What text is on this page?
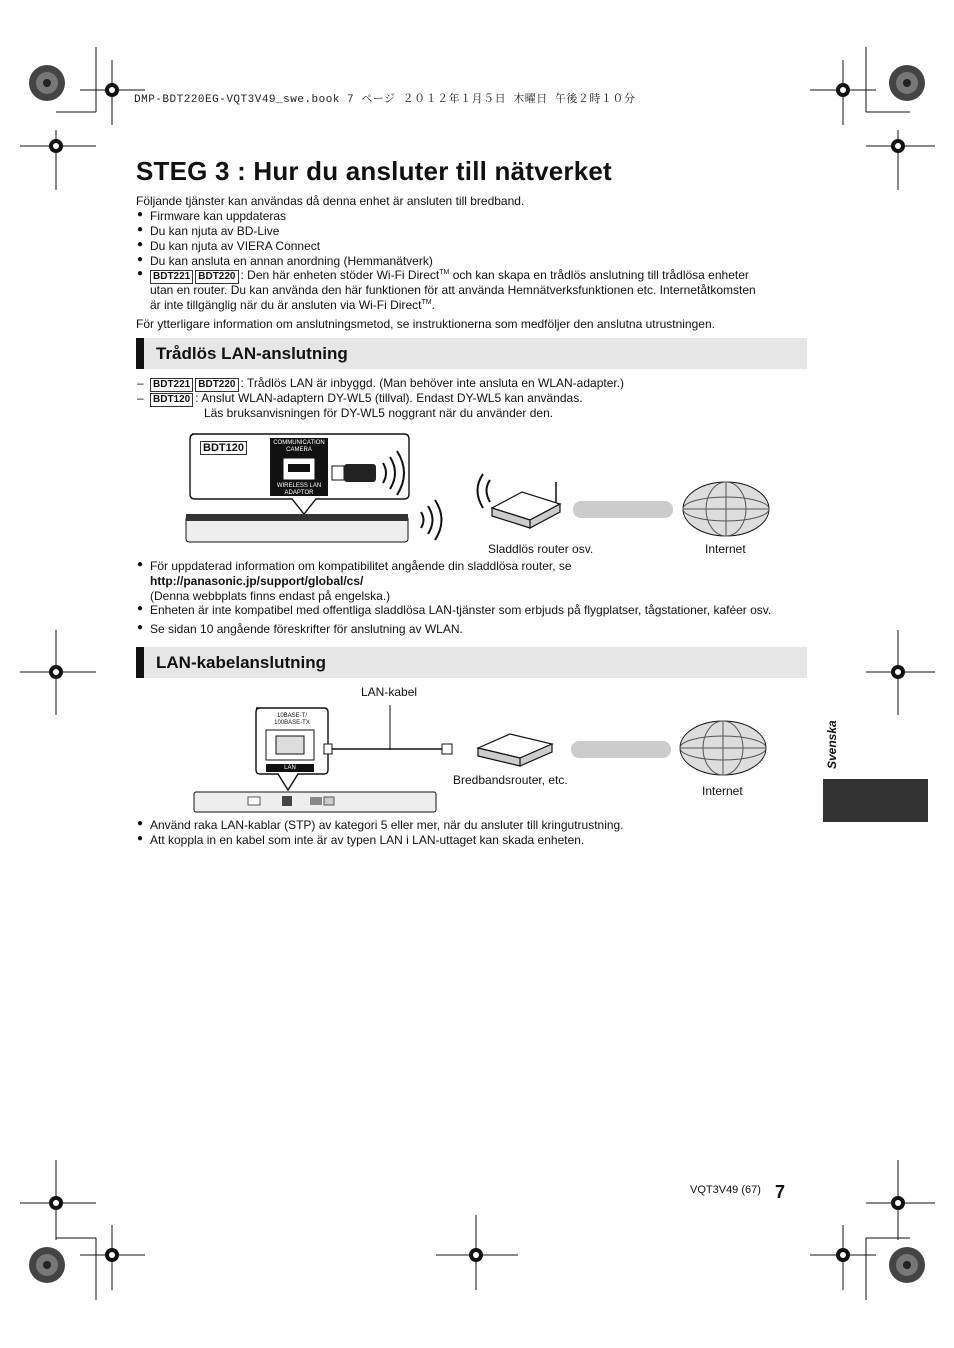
DMP-BDT220EG-VQT3V49_swe.book 7 ページ ２０１２年１月５日 木曜日 午後２時１０分
STEG 3 : Hur du ansluter till nätverket
Följande tjänster kan användas då denna enhet är ansluten till bredband.
● Firmware kan uppdateras
● Du kan njuta av BD-Live
● Du kan njuta av VIERA Connect
● Du kan ansluta en annan anordning (Hemmanätverk)
● BDT221 BDT220 : Den här enheten stöder Wi-Fi Direct™ och kan skapa en trådlös anslutning till trådlösa enheter
utan en router. Du kan använda den här funktionen för att använda Hemnätverksfunktionen etc. Internetåtkomsten
är inte tillgänglig när du är ansluten via Wi-Fi Direct™.
För ytterligare information om anslutningsmetod, se instruktionerna som medföljer den anslutna utrustningen.
Trådlös LAN-anslutning
– BDT221 BDT220 : Trådlös LAN är inbyggd. (Man behöver inte ansluta en WLAN-adapter.)
– BDT120 : Anslut WLAN-adaptern DY-WL5 (tillval). Endast DY-WL5 kan användas.
Läs bruksanvisningen för DY-WL5 noggrant när du använder den.
BDT120	COMMUNICATION
CAMERA
WIRELESS LAN
ADAPTOR
Sladdlös router osv.	Internet
● För uppdaterad information om kompatibilitet angående din sladdlösa router, se
http://panasonic.jp/support/global/cs/
(Denna webbplats finns endast på engelska.)
● Enheten är inte kompatibel med offentliga sladdlösa LAN-tjänster som erbjuds på flygplatser, tågstationer, kaféer osv.
● Se sidan 10 angående föreskrifter för anslutning av WLAN.
LAN-kabelanslutning
LAN-kabel
10BASE-T/
100BASE-TX
LAN
Bredbandsrouter, etc.
Internet
● Använd raka LAN-kablar (STP) av kategori 5 eller mer, när du ansluter till kringutrustning.
● Att koppla in en kabel som inte är av typen LAN i LAN-uttaget kan skada enheten.
Svenska
VQT3V49 (67) 7
